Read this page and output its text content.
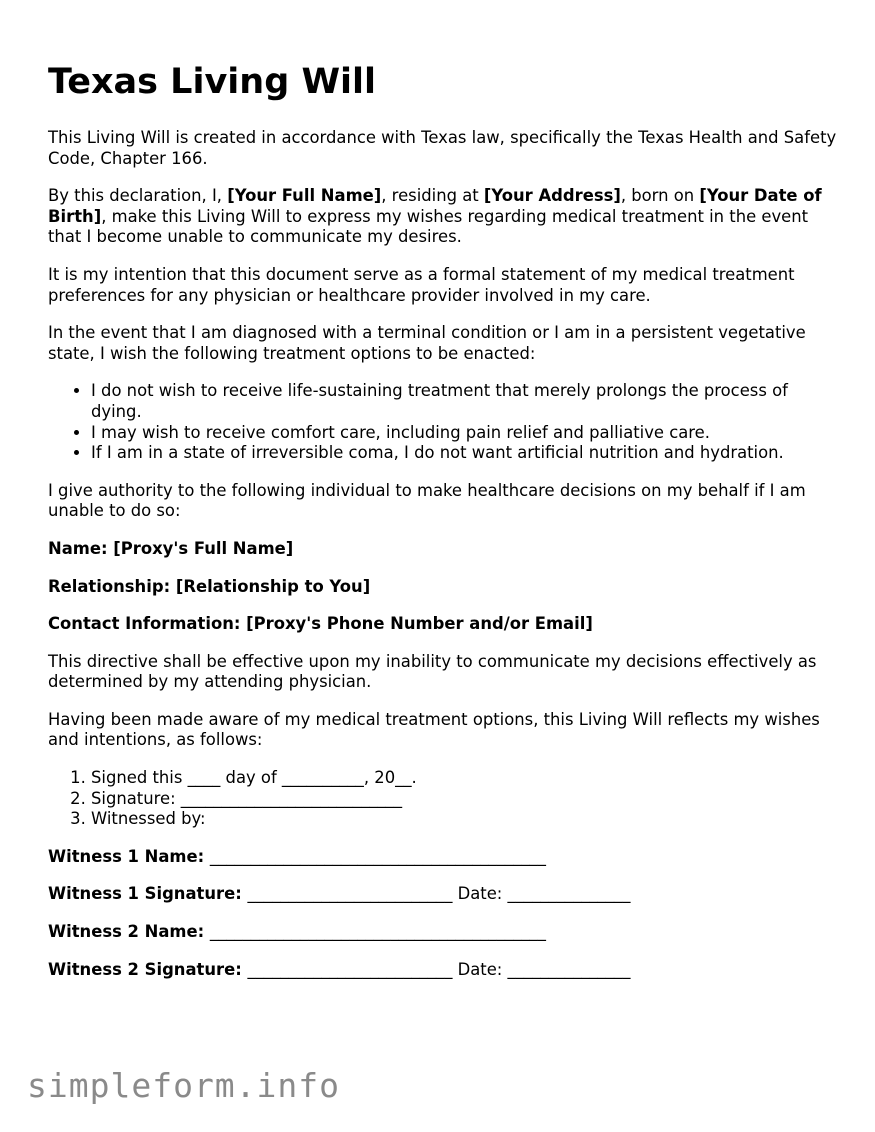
Texas Living Will

This Living Will is created in accordance with Texas law, specifically the Texas Health and Safety Code, Chapter 166.

By this declaration, I, [Your Full Name], residing at [Your Address], born on [Your Date of Birth], make this Living Will to express my wishes regarding medical treatment in the event that I become unable to communicate my desires.

It is my intention that this document serve as a formal statement of my medical treatment preferences for any physician or healthcare provider involved in my care.

In the event that I am diagnosed with a terminal condition or I am in a persistent vegetative state, I wish the following treatment options to be enacted:

• I do not wish to receive life-sustaining treatment that merely prolongs the process of dying.
• I may wish to receive comfort care, including pain relief and palliative care.
• If I am in a state of irreversible coma, I do not want artificial nutrition and hydration.

I give authority to the following individual to make healthcare decisions on my behalf if I am unable to do so:

Name: [Proxy's Full Name]

Relationship: [Relationship to You]

Contact Information: [Proxy's Phone Number and/or Email]

This directive shall be effective upon my inability to communicate my decisions effectively as determined by my attending physician.

Having been made aware of my medical treatment options, this Living Will reflects my wishes and intentions, as follows:

1. Signed this ____ day of __________, 20__.
2. Signature: ___________________________
3. Witnessed by:

Witness 1 Name: _________________________________________

Witness 1 Signature: _________________________ Date: _______________

Witness 2 Name: _________________________________________

Witness 2 Signature: _________________________ Date: _______________

simpleform.info
